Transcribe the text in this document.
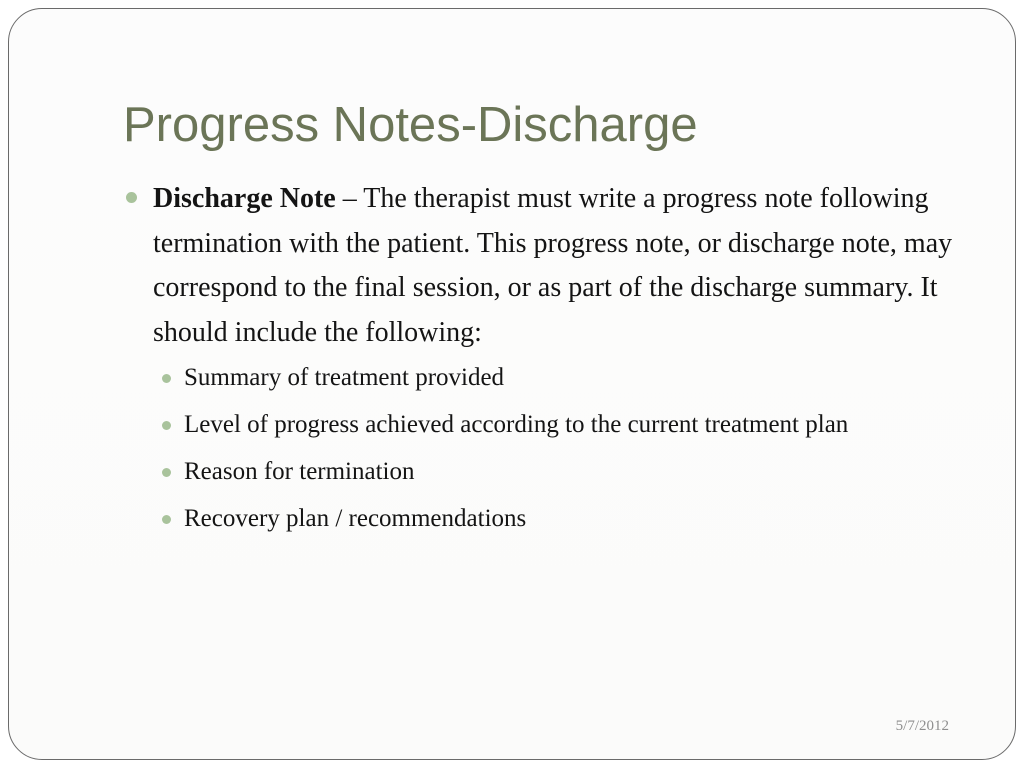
Progress Notes-Discharge
Discharge Note – The therapist must write a progress note following termination with the patient. This progress note, or discharge note, may correspond to the final session, or as part of the discharge summary. It should include the following:
Summary of treatment provided
Level of progress achieved according to the current treatment plan
Reason for termination
Recovery plan / recommendations
5/7/2012
